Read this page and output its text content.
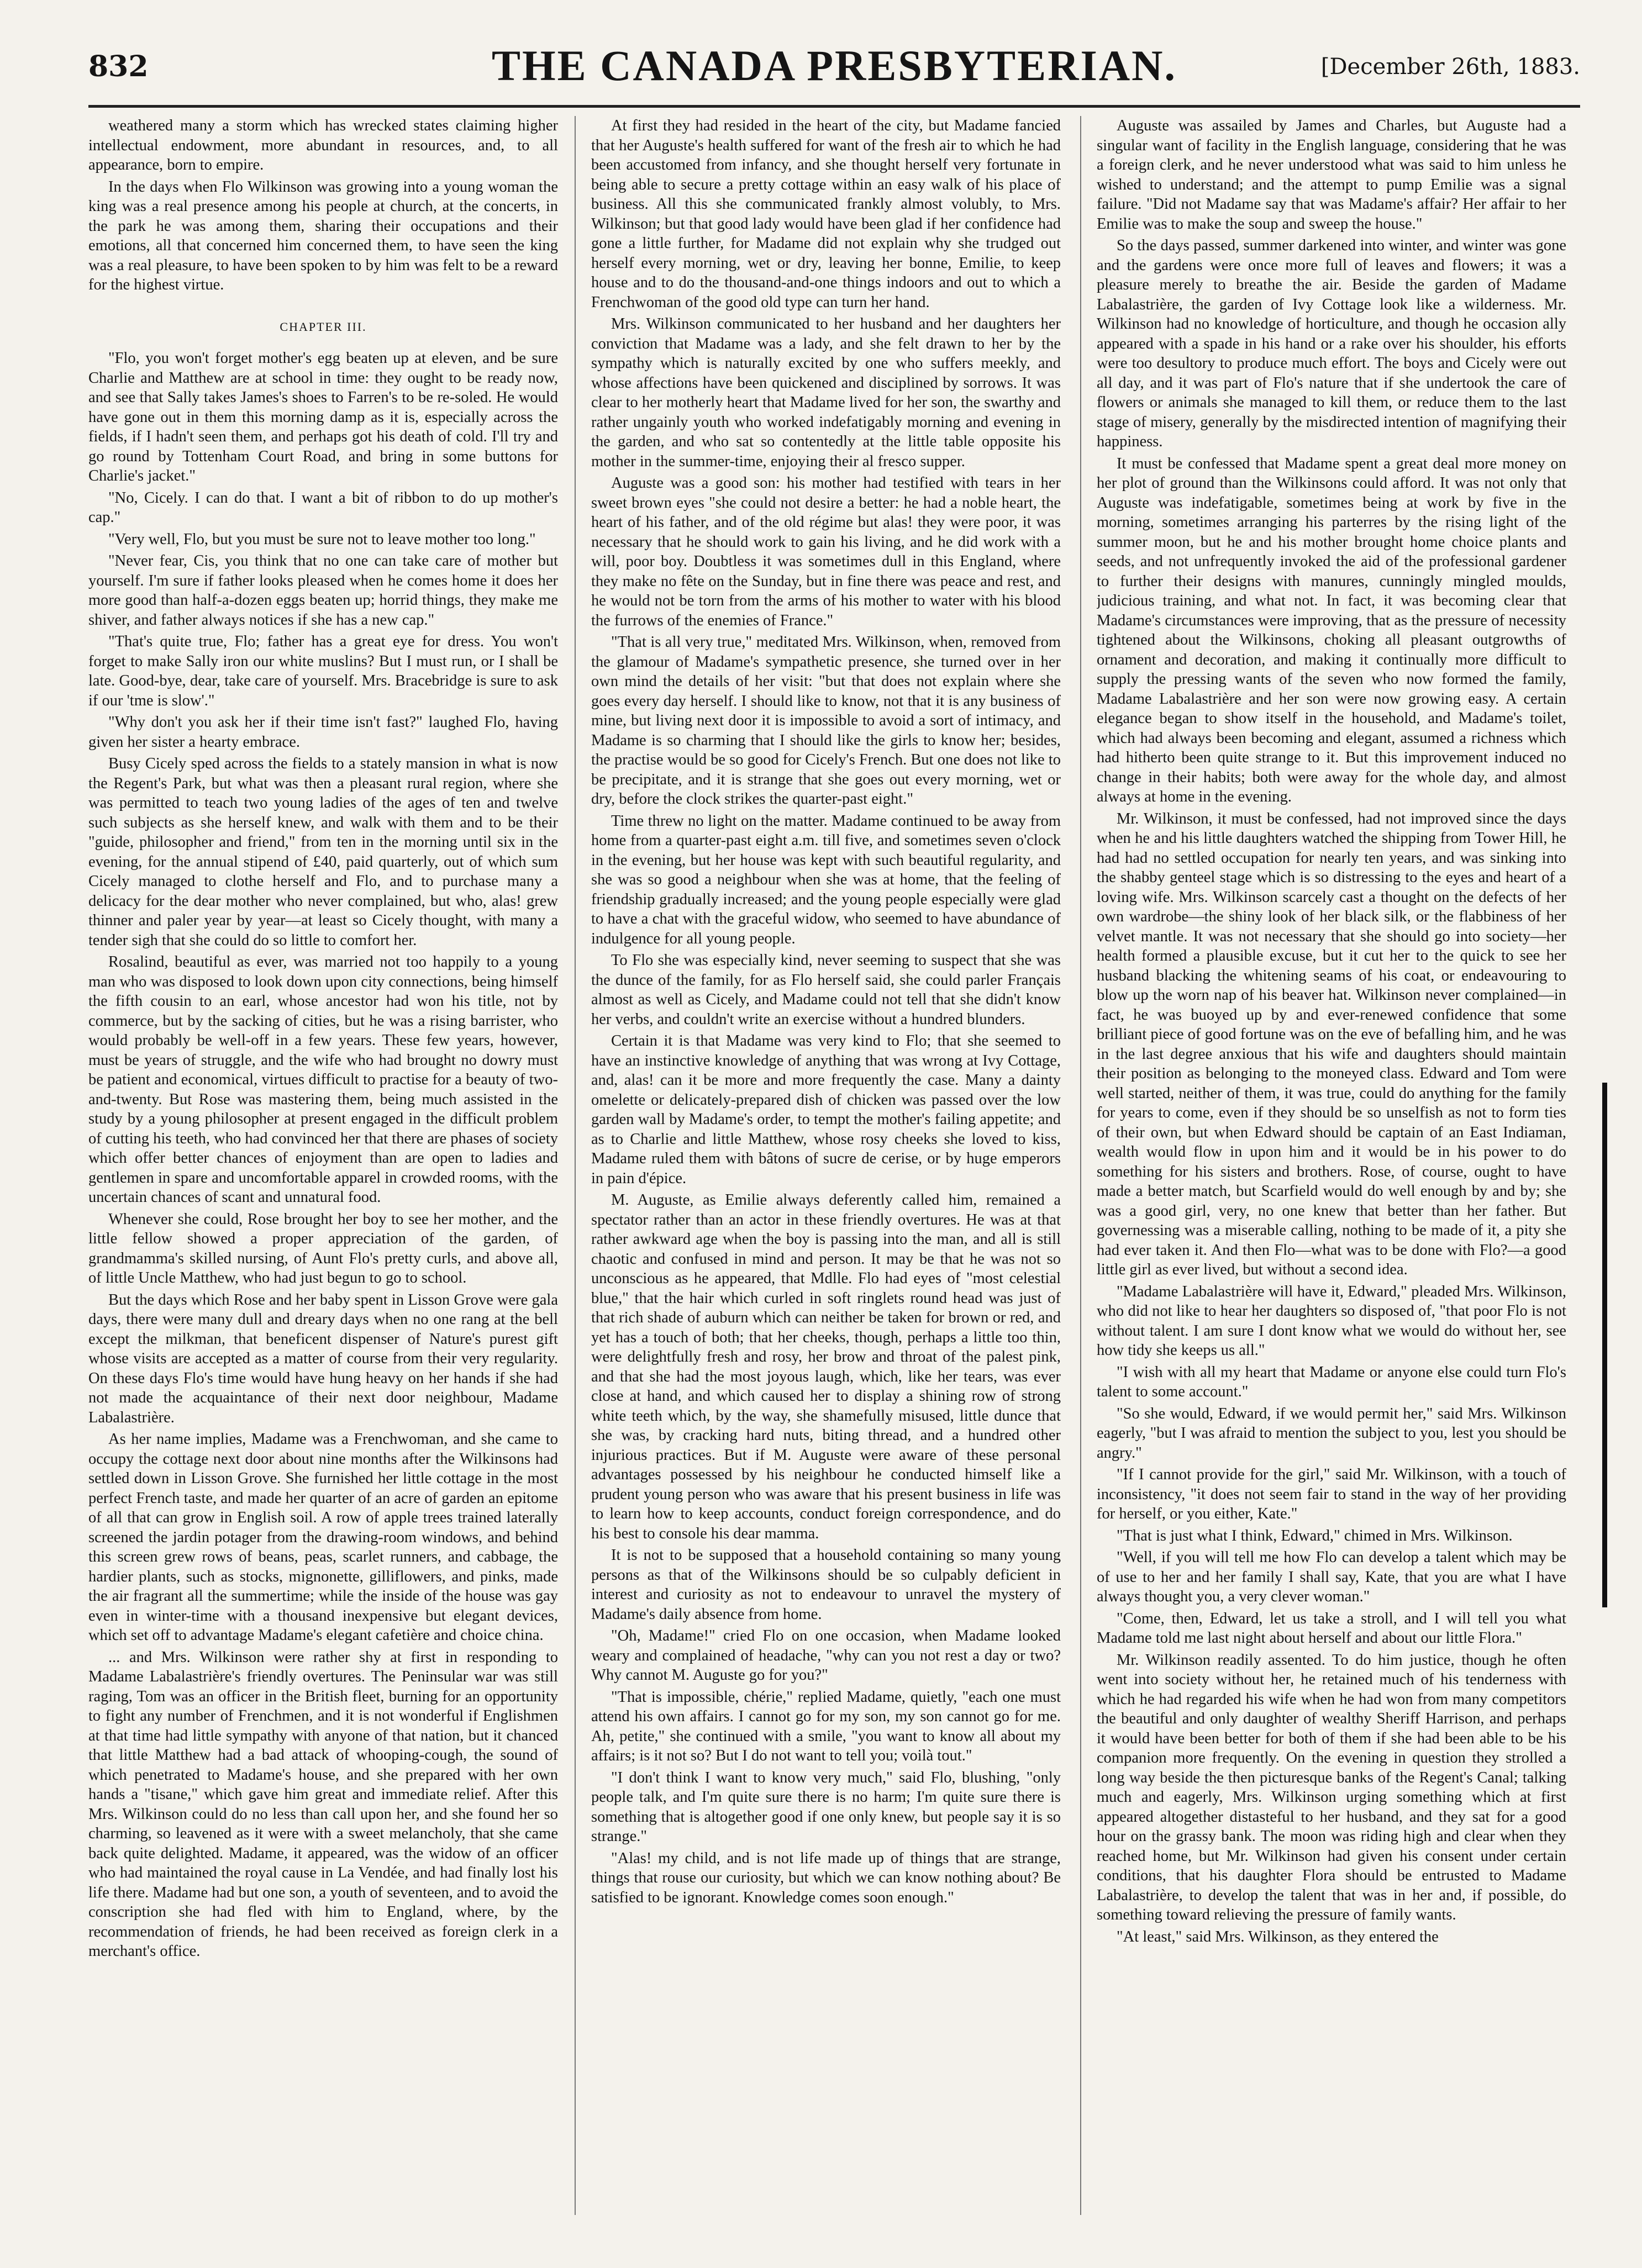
832	THE CANADA PRESBYTERIAN.	[December 26th, 1883.

weathered many a storm which has wrecked states claiming higher intellectual endowment, more abundant in resources, and, to all appearance, born to empire.

In the days when Flo Wilkinson was growing into a young woman the king was a real presence among his people at church, at the concerts, in the park he was among them, sharing their occupations and their emotions, all that concerned him concerned them, to have seen the king was a real pleasure, to have been spoken to by him was felt to be a reward for the highest virtue.

CHAPTER III.

"Flo, you won't forget mother's egg beaten up at eleven, and be sure Charlie and Matthew are at school in time: they ought to be ready now, and see that Sally takes James's shoes to Farren's to be re-soled. He would have gone out in them this morning damp as it is, especially across the fields, if I hadn't seen them, and perhaps got his death of cold. I'll try and go round by Tottenham Court Road, and bring in some buttons for Charlie's jacket."

"No, Cicely. I can do that. I want a bit of ribbon to do up mother's cap."

"Very well, Flo, but you must be sure not to leave mother too long."

"Never fear, Cis, you think that no one can take care of mother but yourself. I'm sure if father looks pleased when he comes home it does her more good than half-a-dozen eggs beaten up; horrid things, they make me shiver, and father always notices if she has a new cap."

"That's quite true, Flo; father has a great eye for dress. You won't forget to make Sally iron our white muslins? But I must run, or I shall be late. Good-bye, dear, take care of yourself. Mrs. Bracebridge is sure to ask if our 'tme is slow'."

"Why don't you ask her if their time isn't fast?" laughed Flo, having given her sister a hearty embrace.

Busy Cicely sped across the fields to a stately mansion in what is now the Regent's Park, but what was then a pleasant rural region, where she was permitted to teach two young ladies of the ages of ten and twelve such subjects as she herself knew, and walk with them and to be their "guide, philosopher and friend," from ten in the morning until six in the evening, for the annual stipend of £40, paid quarterly, out of which sum Cicely managed to clothe herself and Flo, and to purchase many a delicacy for the dear mother who never complained, but who, alas! grew thinner and paler year by year—at least so Cicely thought, with many a tender sigh that she could do so little to comfort her.

Rosalind, beautiful as ever, was married not too happily to a young man who was disposed to look down upon city connections, being himself the fifth cousin to an earl, whose ancestor had won his title, not by commerce, but by the sacking of cities, but he was a rising barrister, who would probably be well-off in a few years. These few years, however, must be years of struggle, and the wife who had brought no dowry must be patient and economical, virtues difficult to practise for a beauty of two-and-twenty. But Rose was mastering them, being much assisted in the study by a young philosopher at present engaged in the difficult problem of cutting his teeth, who had convinced her that there are phases of society which offer better chances of enjoyment than are open to ladies and gentlemen in spare and uncomfortable apparel in crowded rooms, with the uncertain chances of scant and unnatural food.

Whenever she could, Rose brought her boy to see her mother, and the little fellow showed a proper appreciation of the garden, of grandmamma's skilled nursing, of Aunt Flo's pretty curls, and above all, of little Uncle Matthew, who had just begun to go to school.

But the days which Rose and her baby spent in Lisson Grove were gala days, there were many dull and dreary days when no one rang at the bell except the milkman, that beneficent dispenser of Nature's purest gift whose visits are accepted as a matter of course from their very regularity. On these days Flo's time would have hung heavy on her hands if she had not made the acquaintance of their next door neighbour, Madame Labalastrière.

As her name implies, Madame was a Frenchwoman, and she came to occupy the cottage next door about nine months after the Wilkinsons had settled down in Lisson Grove. She furnished her little cottage in the most perfect French taste, and made her quarter of an acre of garden an epitome of all that can grow in English soil. A row of apple trees trained laterally screened the jardin potager from the drawing-room windows, and behind this screen grew rows of beans, peas, scarlet runners, and cabbage, the hardier plants, such as stocks, mignonette, gilliflowers, and pinks, made the air fragrant all the summertime; while the inside of the house was gay even in winter-time with a thousand inexpensive but elegant devices, which set off to advantage Madame's elegant cafetière and choice china.

... and Mrs. Wilkinson were rather shy at first in responding to Madame Labalastrière's friendly overtures. The Peninsular war was still raging, Tom was an officer in the British fleet, burning for an opportunity to fight any number of Frenchmen, and it is not wonderful if Englishmen at that time had little sympathy with anyone of that nation, but it chanced that little Matthew had a bad attack of whooping-cough, the sound of which penetrated to Madame's house, and she prepared with her own hands a "tisane," which gave him great and immediate relief. After this Mrs. Wilkinson could do no less than call upon her, and she found her so charming, so leavened as it were with a sweet melancholy, that she came back quite delighted. Madame, it appeared, was the widow of an officer who had maintained the royal cause in La Vendée, and had finally lost his life there. Madame had but one son, a youth of seventeen, and to avoid the conscription she had fled with him to England, where, by the recommendation of friends, he had been received as foreign clerk in a merchant's office.

At first they had resided in the heart of the city, but Madame fancied that her Auguste's health suffered for want of the fresh air to which he had been accustomed from infancy, and she thought herself very fortunate in being able to secure a pretty cottage within an easy walk of his place of business. All this she communicated frankly almost volubly, to Mrs. Wilkinson; but that good lady would have been glad if her confidence had gone a little further, for Madame did not explain why she trudged out herself every morning, wet or dry, leaving her bonne, Emilie, to keep house and to do the thousand-and-one things indoors and out to which a Frenchwoman of the good old type can turn her hand.

Mrs. Wilkinson communicated to her husband and her daughters her conviction that Madame was a lady, and she felt drawn to her by the sympathy which is naturally excited by one who suffers meekly, and whose affections have been quickened and disciplined by sorrows. It was clear to her motherly heart that Madame lived for her son, the swarthy and rather ungainly youth who worked indefatigably morning and evening in the garden, and who sat so contentedly at the little table opposite his mother in the summer-time, enjoying their al fresco supper.

Auguste was a good son: his mother had testified with tears in her sweet brown eyes "she could not desire a better: he had a noble heart, the heart of his father, and of the old régime but alas! they were poor, it was necessary that he should work to gain his living, and he did work with a will, poor boy. Doubtless it was sometimes dull in this England, where they make no fête on the Sunday, but in fine there was peace and rest, and he would not be torn from the arms of his mother to water with his blood the furrows of the enemies of France."

"That is all very true," meditated Mrs. Wilkinson, when, removed from the glamour of Madame's sympathetic presence, she turned over in her own mind the details of her visit: "but that does not explain where she goes every day herself. I should like to know, not that it is any business of mine, but living next door it is impossible to avoid a sort of intimacy, and Madame is so charming that I should like the girls to know her; besides, the practise would be so good for Cicely's French. But one does not like to be precipitate, and it is strange that she goes out every morning, wet or dry, before the clock strikes the quarter-past eight."

Time threw no light on the matter. Madame continued to be away from home from a quarter-past eight a.m. till five, and sometimes seven o'clock in the evening, but her house was kept with such beautiful regularity, and she was so good a neighbour when she was at home, that the feeling of friendship gradually increased; and the young people especially were glad to have a chat with the graceful widow, who seemed to have abundance of indulgence for all young people.

To Flo she was especially kind, never seeming to suspect that she was the dunce of the family, for as Flo herself said, she could parler Français almost as well as Cicely, and Madame could not tell that she didn't know her verbs, and couldn't write an exercise without a hundred blunders.

Certain it is that Madame was very kind to Flo; that she seemed to have an instinctive knowledge of anything that was wrong at Ivy Cottage, and, alas! can it be more and more frequently the case. Many a dainty omelette or delicately-prepared dish of chicken was passed over the low garden wall by Madame's order, to tempt the mother's failing appetite; and as to Charlie and little Matthew, whose rosy cheeks she loved to kiss, Madame ruled them with bâtons of sucre de cerise, or by huge emperors in pain d'épice.

M. Auguste, as Emilie always deferently called him, remained a spectator rather than an actor in these friendly overtures. He was at that rather awkward age when the boy is passing into the man, and all is still chaotic and confused in mind and person. It may be that he was not so unconscious as he appeared, that Mdlle. Flo had eyes of "most celestial blue," that the hair which curled in soft ringlets round head was just of that rich shade of auburn which can neither be taken for brown or red, and yet has a touch of both; that her cheeks, though, perhaps a little too thin, were delightfully fresh and rosy, her brow and throat of the palest pink, and that she had the most joyous laugh, which, like her tears, was ever close at hand, and which caused her to display a shining row of strong white teeth which, by the way, she shamefully misused, little dunce that she was, by cracking hard nuts, biting thread, and a hundred other injurious practices. But if M. Auguste were aware of these personal advantages possessed by his neighbour he conducted himself like a prudent young person who was aware that his present business in life was to learn how to keep accounts, conduct foreign correspondence, and do his best to console his dear mamma.

It is not to be supposed that a household containing so many young persons as that of the Wilkinsons should be so culpably deficient in interest and curiosity as not to endeavour to unravel the mystery of Madame's daily absence from home.

"Oh, Madame!" cried Flo on one occasion, when Madame looked weary and complained of headache, "why can you not rest a day or two? Why cannot M. Auguste go for you?"

"That is impossible, chérie," replied Madame, quietly, "each one must attend his own affairs. I cannot go for my son, my son cannot go for me. Ah, petite," she continued with a smile, "you want to know all about my affairs; is it not so? But I do not want to tell you; voilà tout."

"I don't think I want to know very much," said Flo, blushing, "only people talk, and I'm quite sure there is no harm; I'm quite sure there is something that is altogether good if one only knew, but people say it is so strange."

"Alas! my child, and is not life made up of things that are strange, things that rouse our curiosity, but which we can know nothing about? Be satisfied to be ignorant. Knowledge comes soon enough."

Auguste was assailed by James and Charles, but Auguste had a singular want of facility in the English language, considering that he was a foreign clerk, and he never understood what was said to him unless he wished to understand; and the attempt to pump Emilie was a signal failure. "Did not Madame say that was Madame's affair? Her affair to her Emilie was to make the soup and sweep the house."

So the days passed, summer darkened into winter, and winter was gone and the gardens were once more full of leaves and flowers; it was a pleasure merely to breathe the air. Beside the garden of Madame Labalastrière, the garden of Ivy Cottage look like a wilderness. Mr. Wilkinson had no knowledge of horticulture, and though he occasion ally appeared with a spade in his hand or a rake over his shoulder, his efforts were too desultory to produce much effort. The boys and Cicely were out all day, and it was part of Flo's nature that if she undertook the care of flowers or animals she managed to kill them, or reduce them to the last stage of misery, generally by the misdirected intention of magnifying their happiness.

It must be confessed that Madame spent a great deal more money on her plot of ground than the Wilkinsons could afford. It was not only that Auguste was indefatigable, sometimes being at work by five in the morning, sometimes arranging his parterres by the rising light of the summer moon, but he and his mother brought home choice plants and seeds, and not unfrequently invoked the aid of the professional gardener to further their designs with manures, cunningly mingled moulds, judicious training, and what not. In fact, it was becoming clear that Madame's circumstances were improving, that as the pressure of necessity tightened about the Wilkinsons, choking all pleasant outgrowths of ornament and decoration, and making it continually more difficult to supply the pressing wants of the seven who now formed the family, Madame Labalastrière and her son were now growing easy. A certain elegance began to show itself in the household, and Madame's toilet, which had always been becoming and elegant, assumed a richness which had hitherto been quite strange to it. But this improvement induced no change in their habits; both were away for the whole day, and almost always at home in the evening.

Mr. Wilkinson, it must be confessed, had not improved since the days when he and his little daughters watched the shipping from Tower Hill, he had had no settled occupation for nearly ten years, and was sinking into the shabby genteel stage which is so distressing to the eyes and heart of a loving wife. Mrs. Wilkinson scarcely cast a thought on the defects of her own wardrobe—the shiny look of her black silk, or the flabbiness of her velvet mantle. It was not necessary that she should go into society—her health formed a plausible excuse, but it cut her to the quick to see her husband blacking the whitening seams of his coat, or endeavouring to blow up the worn nap of his beaver hat. Wilkinson never complained—in fact, he was buoyed up by and ever-renewed confidence that some brilliant piece of good fortune was on the eve of befalling him, and he was in the last degree anxious that his wife and daughters should maintain their position as belonging to the moneyed class. Edward and Tom were well started, neither of them, it was true, could do anything for the family for years to come, even if they should be so unselfish as not to form ties of their own, but when Edward should be captain of an East Indiaman, wealth would flow in upon him and it would be in his power to do something for his sisters and brothers. Rose, of course, ought to have made a better match, but Scarfield would do well enough by and by; she was a good girl, very, no one knew that better than her father. But governessing was a miserable calling, nothing to be made of it, a pity she had ever taken it. And then Flo—what was to be done with Flo?—a good little girl as ever lived, but without a second idea.

"Madame Labalastrière will have it, Edward," pleaded Mrs. Wilkinson, who did not like to hear her daughters so disposed of, "that poor Flo is not without talent. I am sure I dont know what we would do without her, see how tidy she keeps us all."

"I wish with all my heart that Madame or anyone else could turn Flo's talent to some account."

"So she would, Edward, if we would permit her," said Mrs. Wilkinson eagerly, "but I was afraid to mention the subject to you, lest you should be angry."

"If I cannot provide for the girl," said Mr. Wilkinson, with a touch of inconsistency, "it does not seem fair to stand in the way of her providing for herself, or you either, Kate."

"That is just what I think, Edward," chimed in Mrs. Wilkinson.

"Well, if you will tell me how Flo can develop a talent which may be of use to her and her family I shall say, Kate, that you are what I have always thought you, a very clever woman."

"Come, then, Edward, let us take a stroll, and I will tell you what Madame told me last night about herself and about our little Flora."

Mr. Wilkinson readily assented. To do him justice, though he often went into society without her, he retained much of his tenderness with which he had regarded his wife when he had won from many competitors the beautiful and only daughter of wealthy Sheriff Harrison, and perhaps it would have been better for both of them if she had been able to be his companion more frequently. On the evening in question they strolled a long way beside the then picturesque banks of the Regent's Canal; talking much and eagerly, Mrs. Wilkinson urging something which at first appeared altogether distasteful to her husband, and they sat for a good hour on the grassy bank. The moon was riding high and clear when they reached home, but Mr. Wilkinson had given his consent under certain conditions, that his daughter Flora should be entrusted to Madame Labalastrière, to develop the talent that was in her and, if possible, do something toward relieving the pressure of family wants.

"At least," said Mrs. Wilkinson, as they entered the
